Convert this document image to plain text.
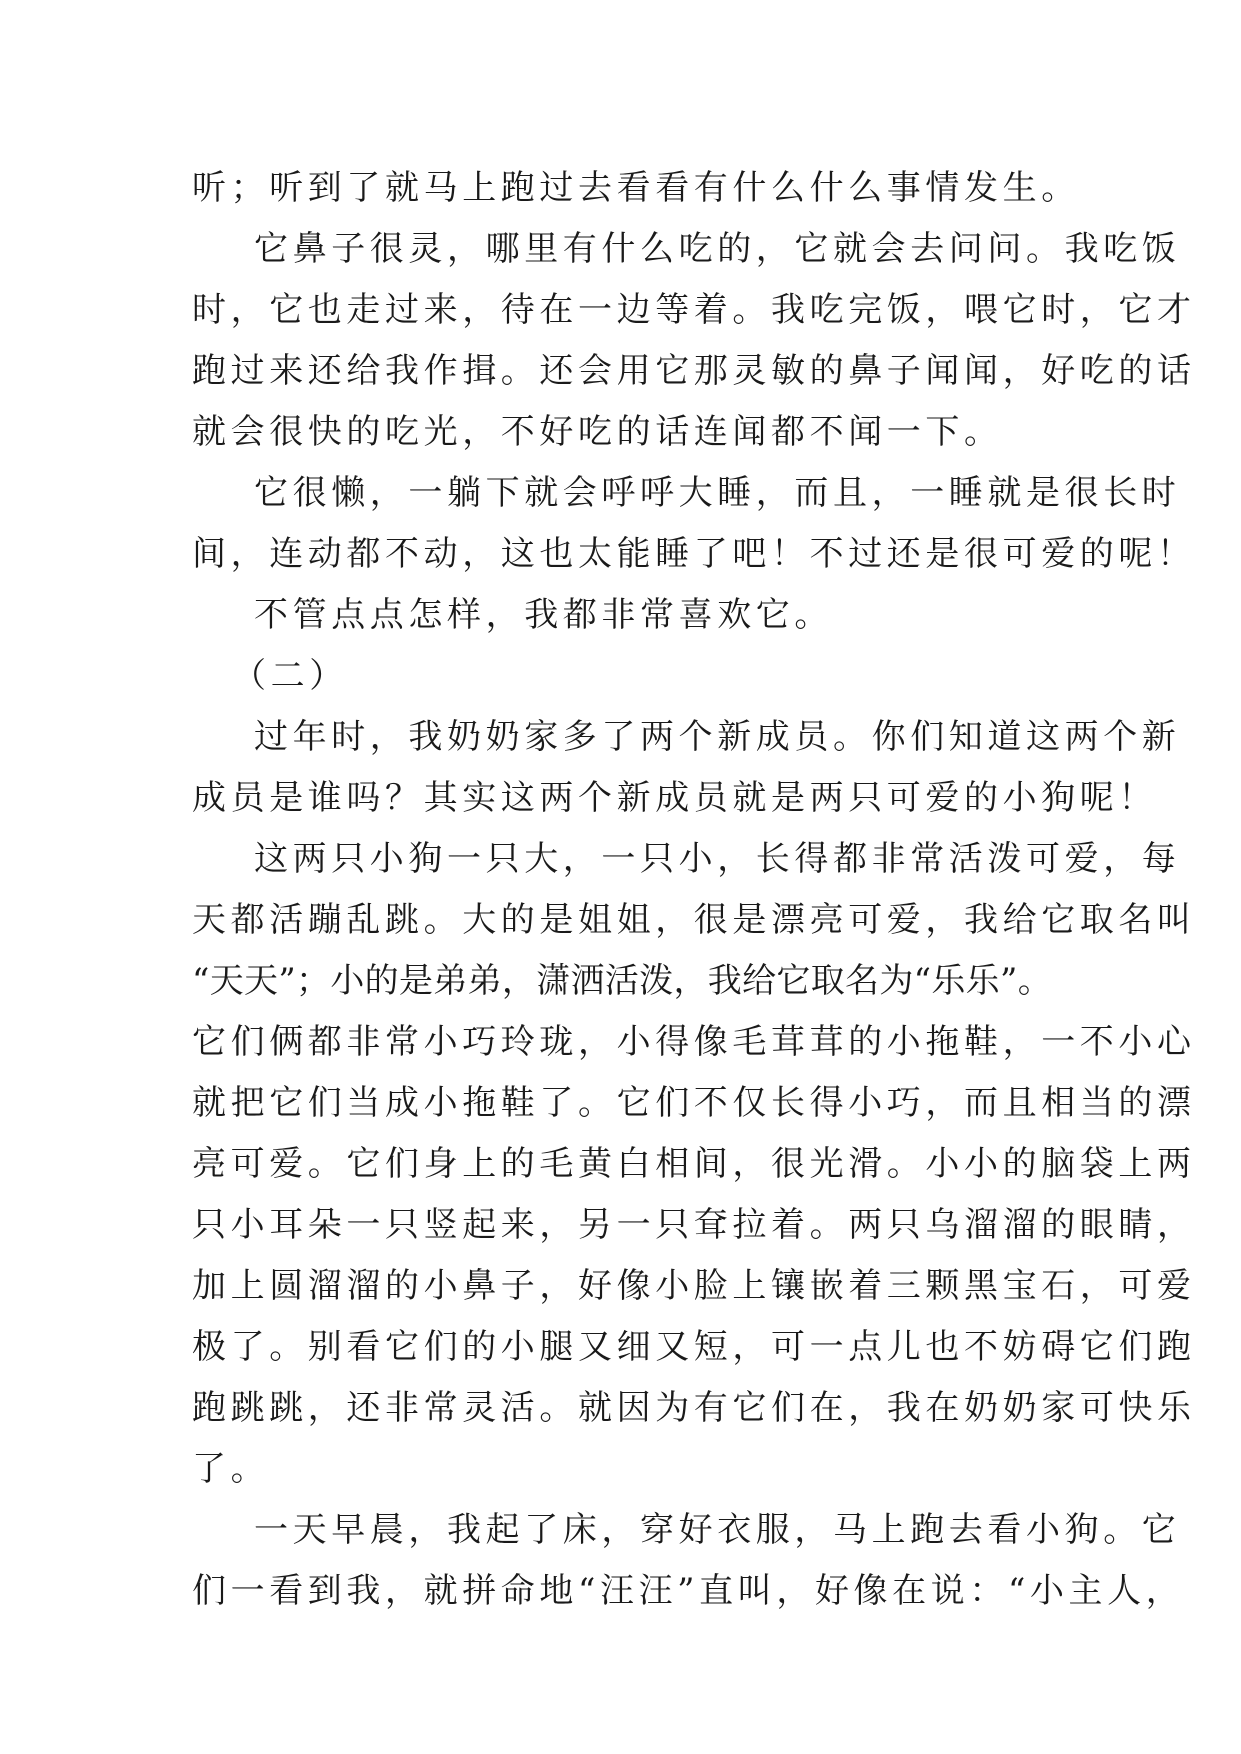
听；听到了就马上跑过去看看有什么什么事情发生。
它鼻子很灵，哪里有什么吃的，它就会去问问。我吃饭
时，它也走过来，待在一边等着。我吃完饭，喂它时，它才
跑过来还给我作揖。还会用它那灵敏的鼻子闻闻，好吃的话
就会很快的吃光，不好吃的话连闻都不闻一下。
它很懒，一躺下就会呼呼大睡，而且，一睡就是很长时
间，连动都不动，这也太能睡了吧！不过还是很可爱的呢！
不管点点怎样，我都非常喜欢它。
（二）
过年时，我奶奶家多了两个新成员。你们知道这两个新
成员是谁吗？其实这两个新成员就是两只可爱的小狗呢！
这两只小狗一只大，一只小，长得都非常活泼可爱，每
天都活蹦乱跳。大的是姐姐，很是漂亮可爱，我给它取名叫
“ 天 天 ” ； 小 的 是 弟 弟 ， 潇 洒 活 泼 ， 我 给 它 取 名 为 “ 乐 乐 ” 。
它们俩都非常小巧玲珑，小得像毛茸茸的小拖鞋，一不小心
就把它们当成小拖鞋了。它们不仅长得小巧，而且相当的漂
亮可爱。它们身上的毛黄白相间，很光滑。小小的脑袋上两
只小耳朵一只竖起来，另一只耷拉着。两只乌溜溜的眼睛，
加上圆溜溜的小鼻子，好像小脸上镶嵌着三颗黑宝石，可爱
极了。别看它们的小腿又细又短，可一点儿也不妨碍它们跑
跑跳跳，还非常灵活。就因为有它们在，我在奶奶家可快乐
了。
一天早晨，我起了床，穿好衣服，马上跑去看小狗。它
们一看到我，就拼命地“汪汪”直叫，好像在说：“小主人，
